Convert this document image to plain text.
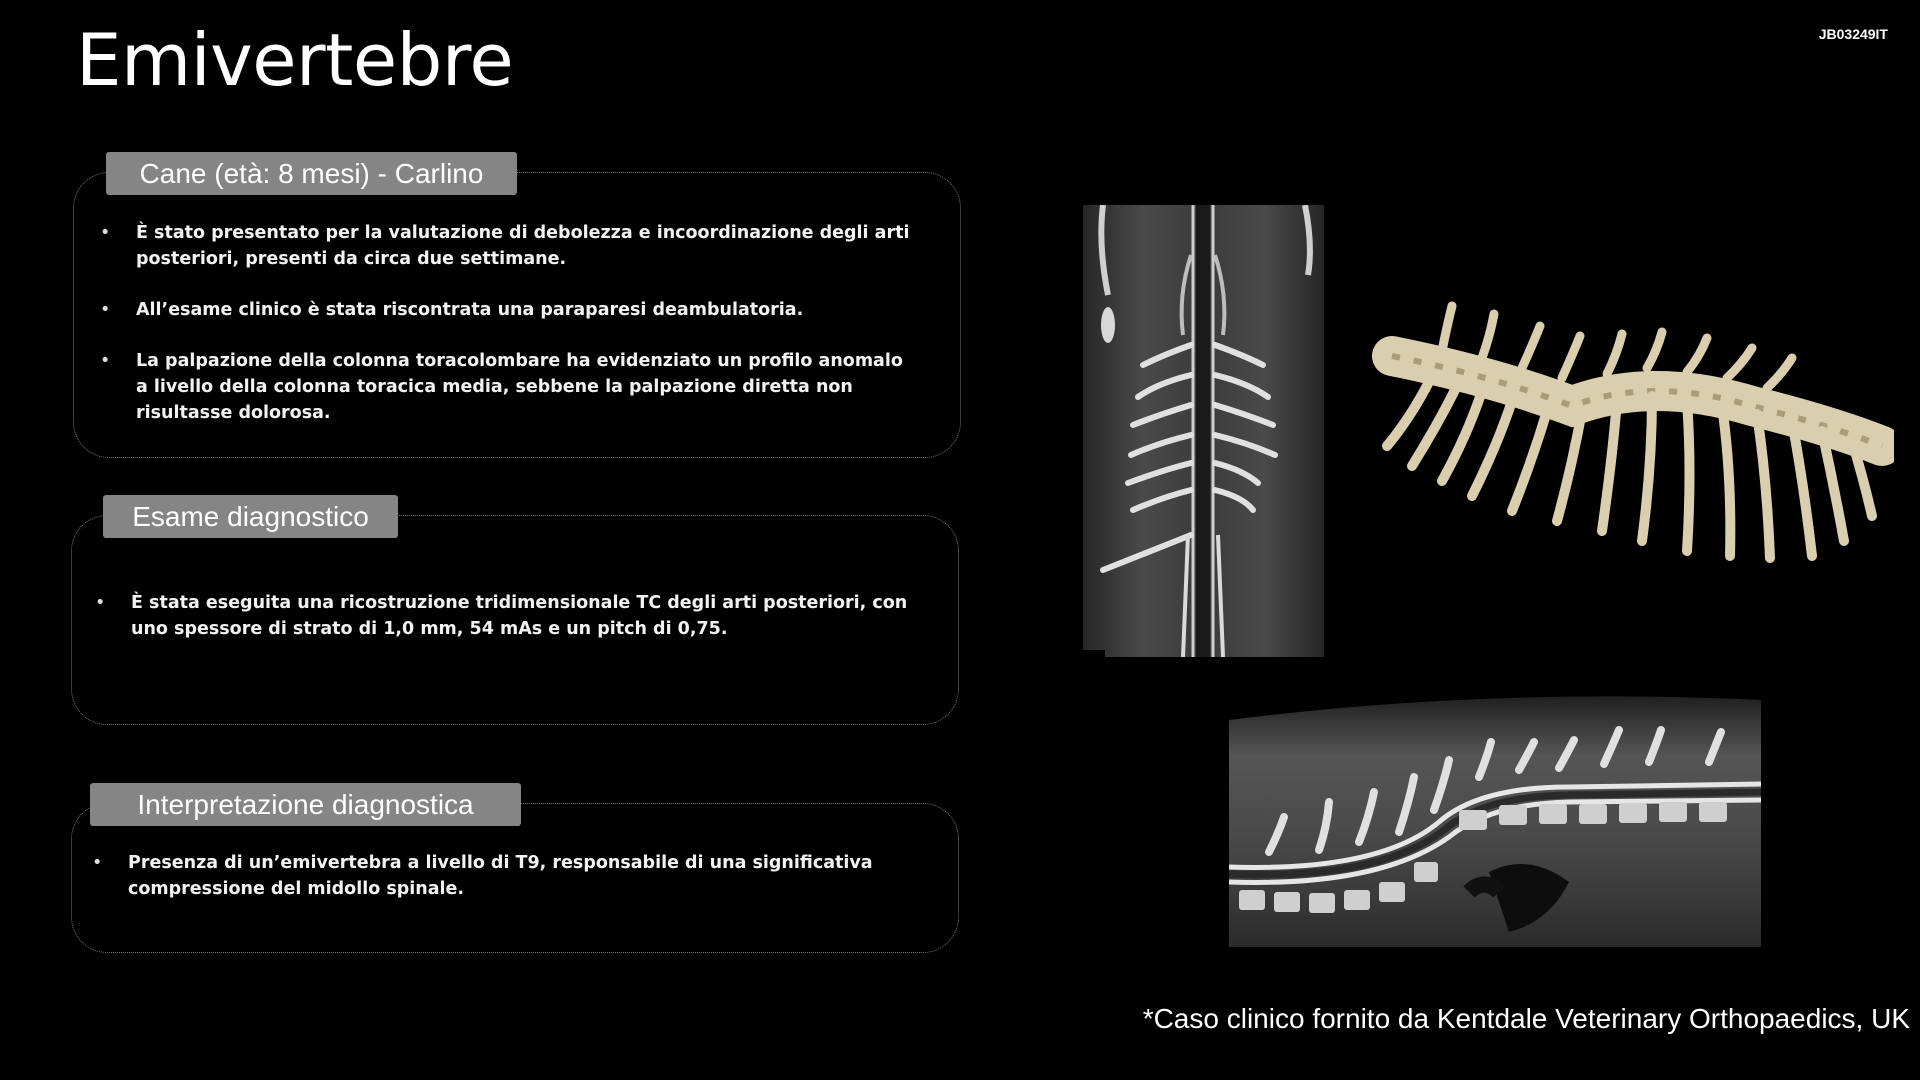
Emivertebre	JB03249IT
Cane (età: 8 mesi) - Carlino
• È stato presentato per la valutazione di debolezza e incoordinazione degli arti posteriori, presenti da circa due settimane.
• All’esame clinico è stata riscontrata una paraparesi deambulatoria.
• La palpazione della colonna toracolombare ha evidenziato un profilo anomalo a livello della colonna toracica media, sebbene la palpazione diretta non risultasse dolorosa.
Esame diagnostico
• È stata eseguita una ricostruzione tridimensionale TC degli arti posteriori, con uno spessore di strato di 1,0 mm, 54 mAs e un pitch di 0,75.
Interpretazione diagnostica
• Presenza di un’emivertebra a livello di T9, responsabile di una significativa compressione del midollo spinale.
*Caso clinico fornito da Kentdale Veterinary Orthopaedics, UK
